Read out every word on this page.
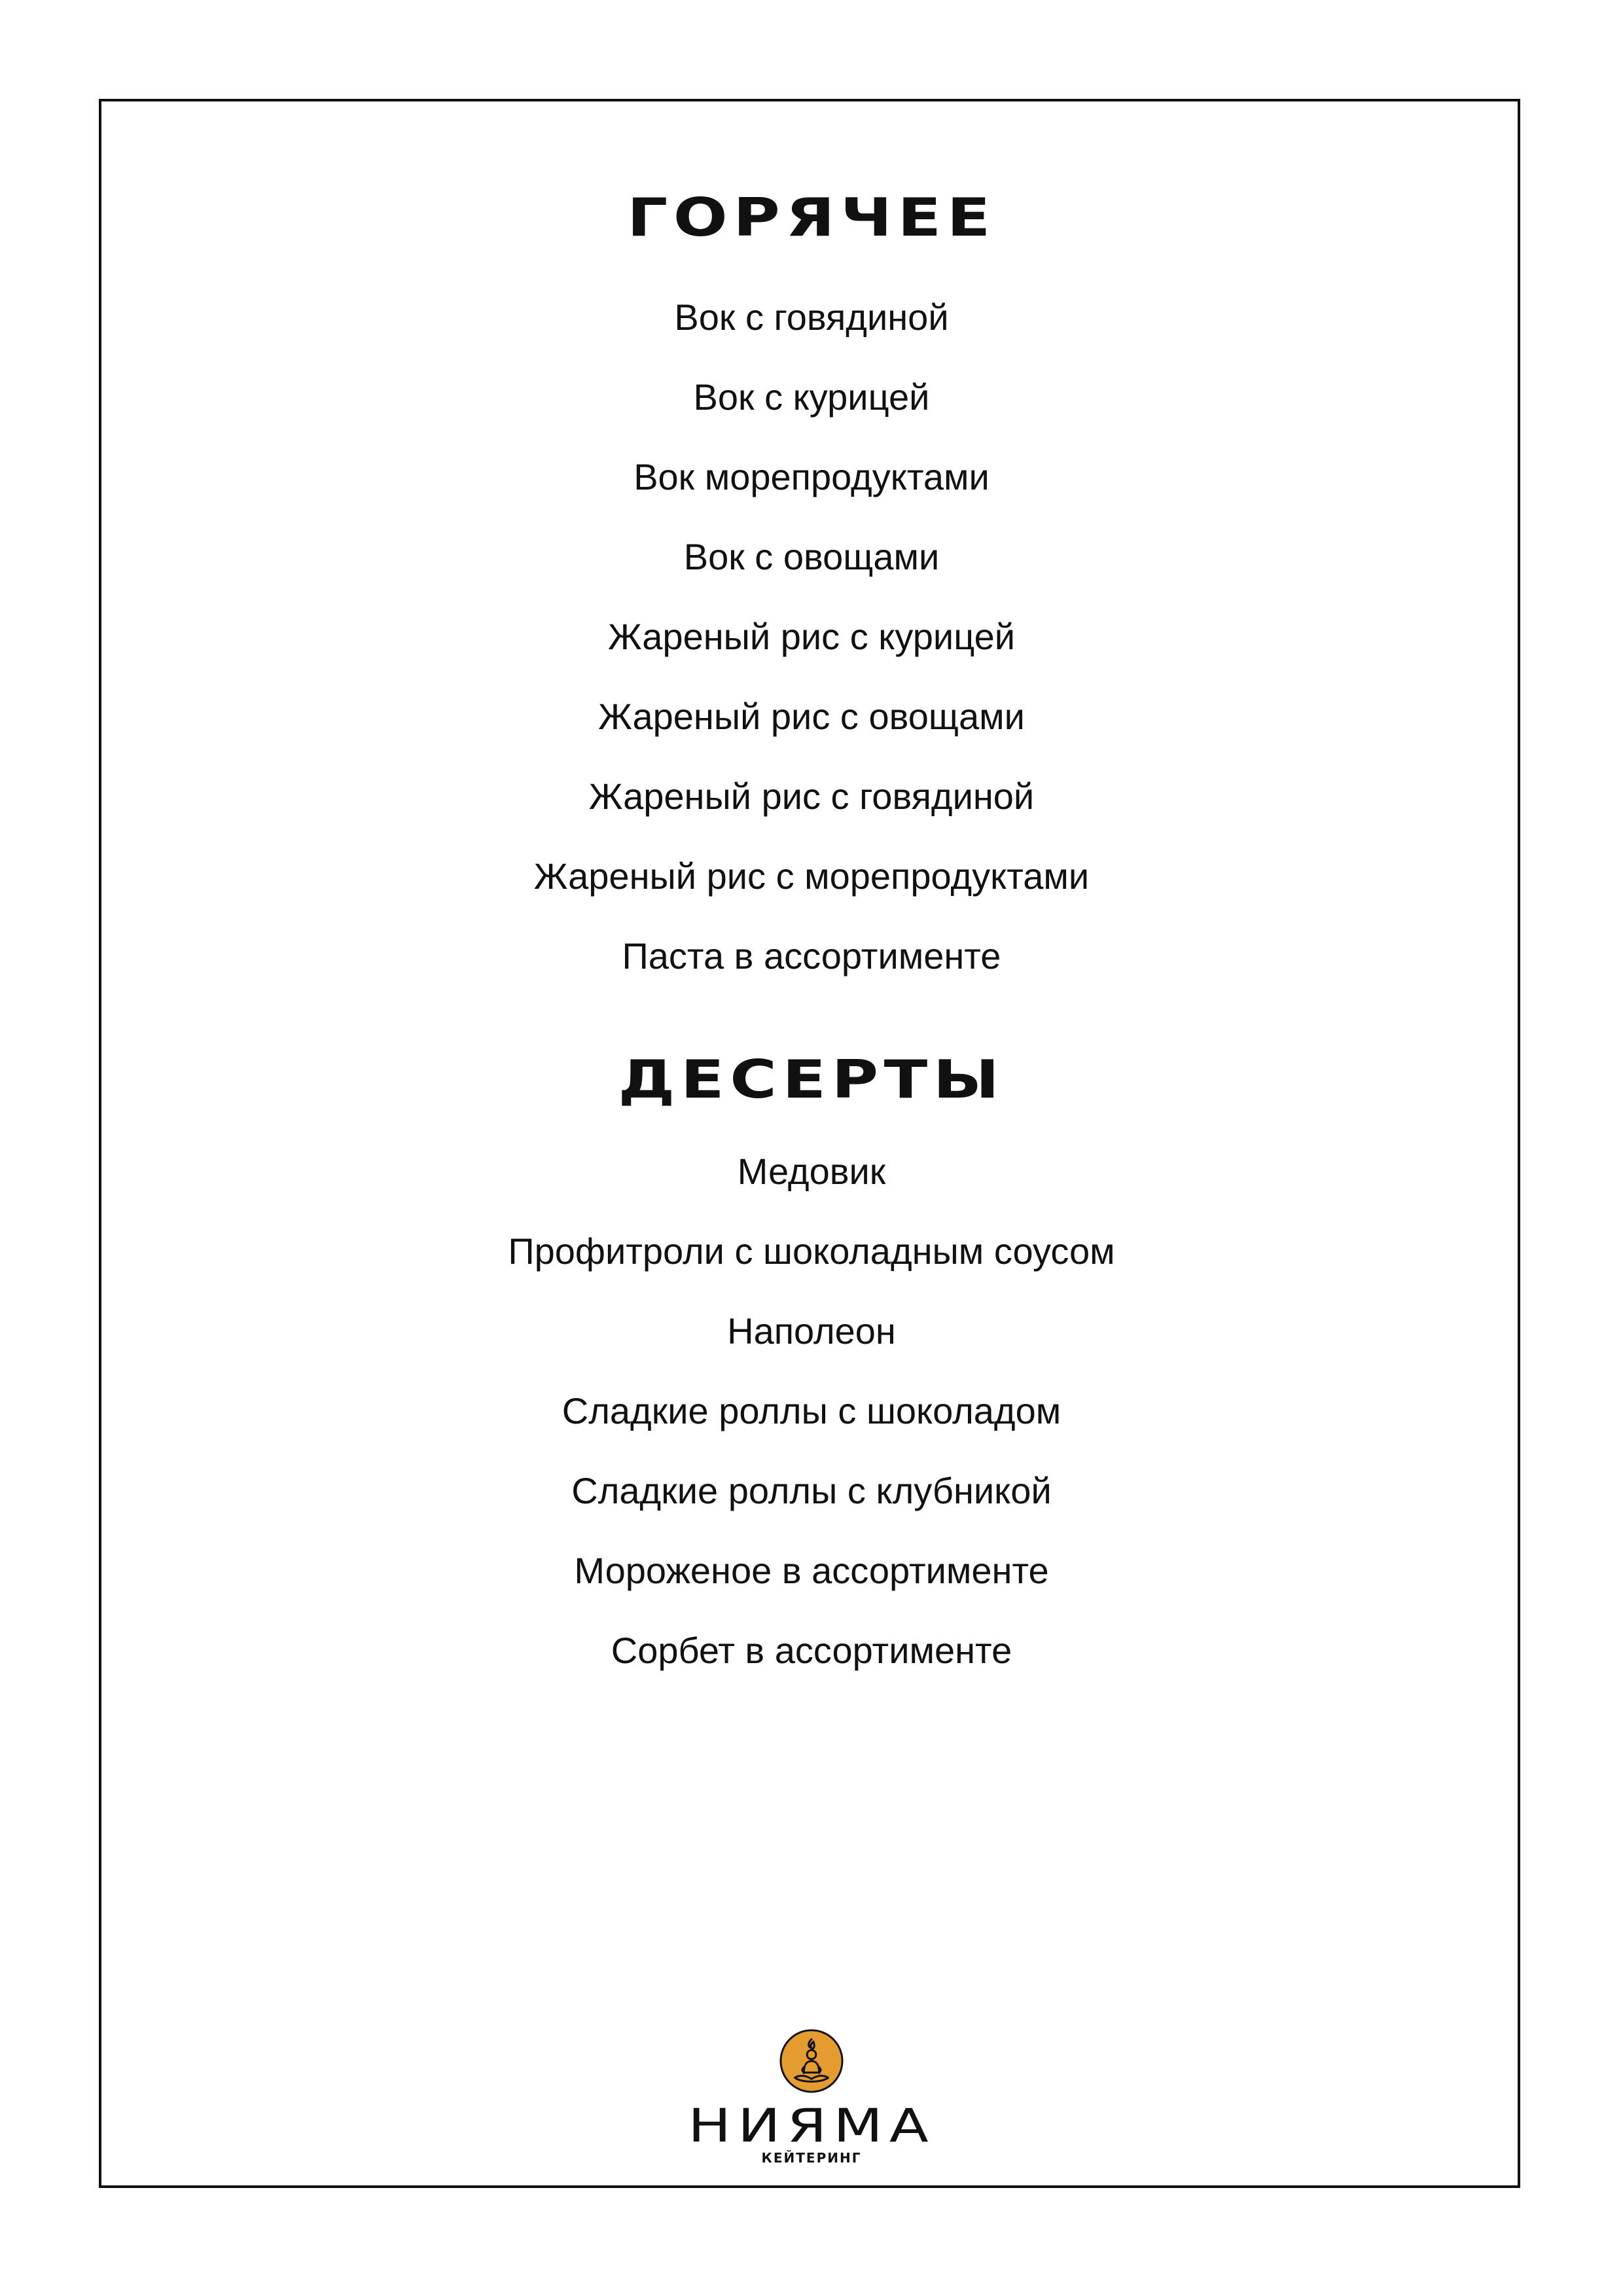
ГОРЯЧЕЕ
Вок с говядиной
Вок с курицей
Вок морепродуктами
Вок с овощами
Жареный рис с курицей
Жареный рис с овощами
Жареный рис с говядиной
Жареный рис с морепродуктами
Паста в ассортименте
ДЕСЕРТЫ
Медовик
Профитроли с шоколадным соусом
Наполеон
Сладкие роллы с шоколадом
Сладкие роллы с клубникой
Мороженое в ассортименте
Сорбет в ассортименте
НИЯМА
КЕЙТЕРИНГ
